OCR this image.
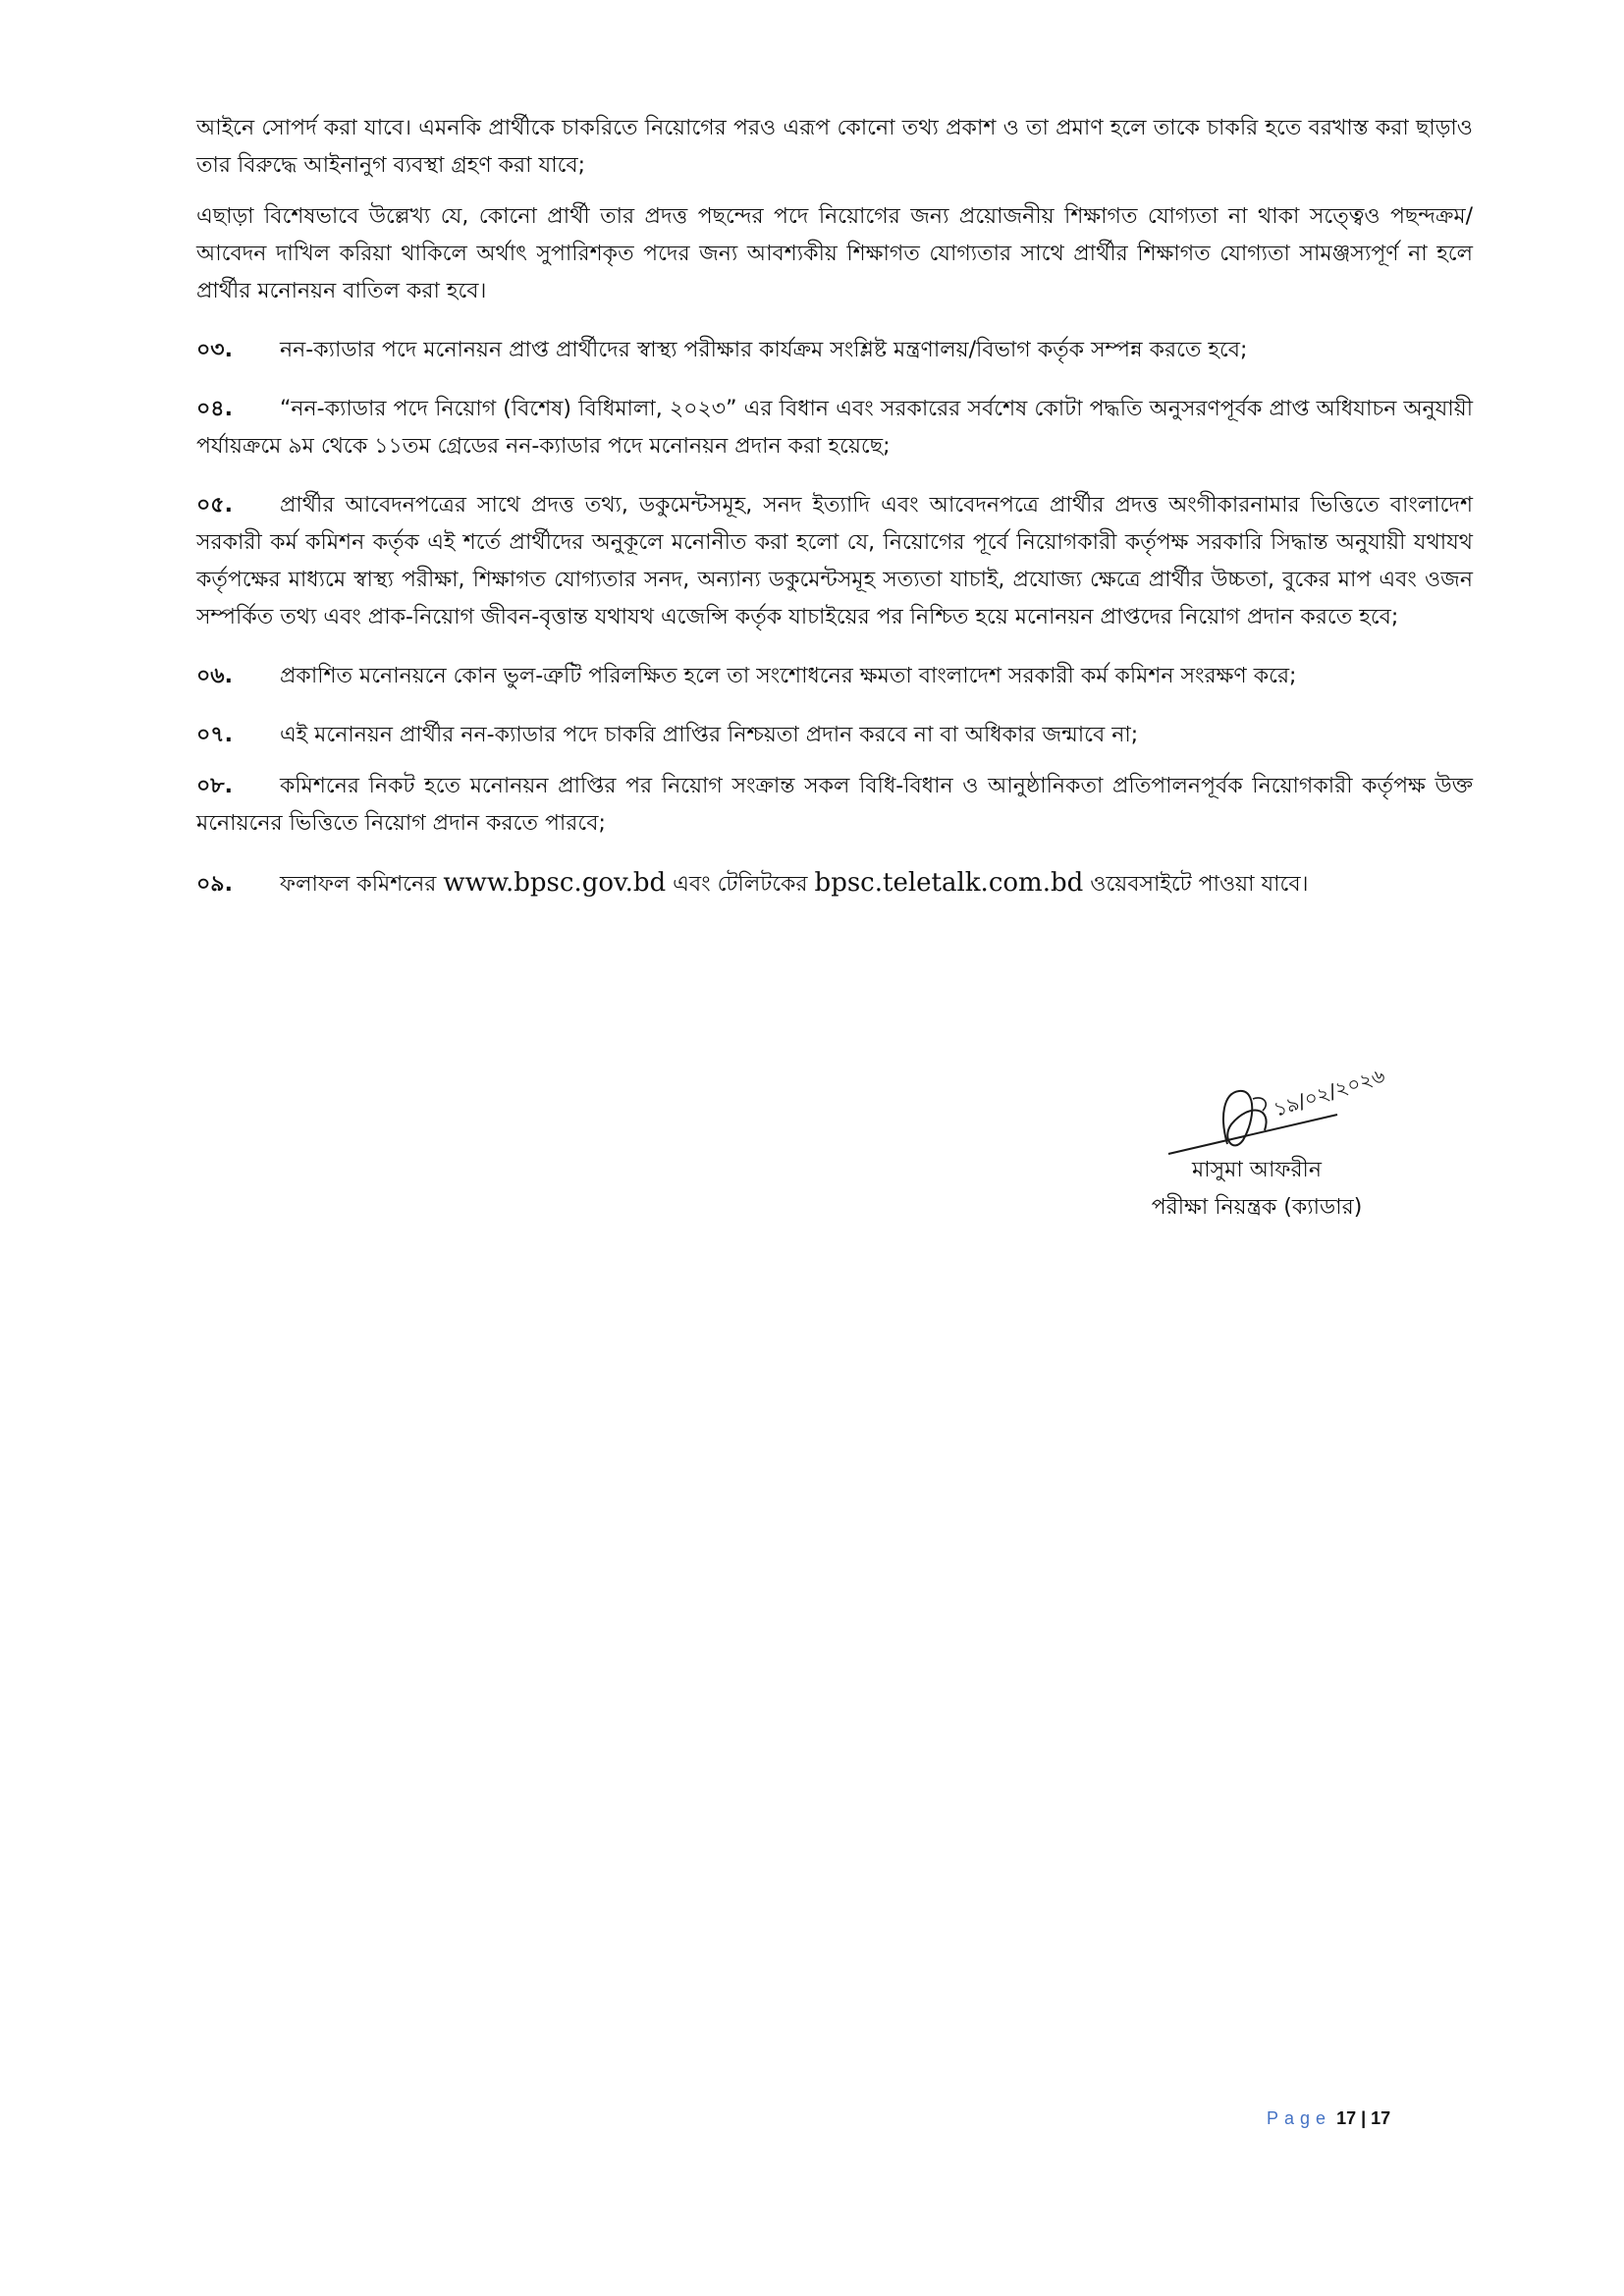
আইনে সোপর্দ করা যাবে। এমনকি প্রার্থীকে চাকরিতে নিয়োগের পরও এরূপ কোনো তথ্য প্রকাশ ও তা প্রমাণ হলে তাকে চাকরি হতে বরখাস্ত করা ছাড়াও তার বিরুদ্ধে আইনানুগ ব্যবস্থা গ্রহণ করা যাবে;

এছাড়া বিশেষভাবে উল্লেখ্য যে, কোনো প্রার্থী তার প্রদত্ত পছন্দের পদে নিয়োগের জন্য প্রয়োজনীয় শিক্ষাগত যোগ্যতা না থাকা সত্ত্বেও পছন্দক্রম/আবেদন দাখিল করিয়া থাকিলে অর্থাৎ সুপারিশকৃত পদের জন্য আবশ্যকীয় শিক্ষাগত যোগ্যতার সাথে প্রার্থীর শিক্ষাগত যোগ্যতা সামঞ্জস্যপূর্ণ না হলে প্রার্থীর মনোনয়ন বাতিল করা হবে।

০৩. নন-ক্যাডার পদে মনোনয়ন প্রাপ্ত প্রার্থীদের স্বাস্থ্য পরীক্ষার কার্যক্রম সংশ্লিষ্ট মন্ত্রণালয়/বিভাগ কর্তৃক সম্পন্ন করতে হবে;

০৪. “নন-ক্যাডার পদে নিয়োগ (বিশেষ) বিধিমালা, ২০২৩” এর বিধান এবং সরকারের সর্বশেষ কোটা পদ্ধতি অনুসরণপূর্বক প্রাপ্ত অধিযাচন অনুযায়ী পর্যায়ক্রমে ৯ম থেকে ১১তম গ্রেডের নন-ক্যাডার পদে মনোনয়ন প্রদান করা হয়েছে;

০৫. প্রার্থীর আবেদনপত্রের সাথে প্রদত্ত তথ্য, ডকুমেন্টসমূহ, সনদ ইত্যাদি এবং আবেদনপত্রে প্রার্থীর প্রদত্ত অংগীকারনামার ভিত্তিতে বাংলাদেশ সরকারী কর্ম কমিশন কর্তৃক এই শর্তে প্রার্থীদের অনুকূলে মনোনীত করা হলো যে, নিয়োগের পূর্বে নিয়োগকারী কর্তৃপক্ষ সরকারি সিদ্ধান্ত অনুযায়ী যথাযথ কর্তৃপক্ষের মাধ্যমে স্বাস্থ্য পরীক্ষা, শিক্ষাগত যোগ্যতার সনদ, অন্যান্য ডকুমেন্টসমূহ সত্যতা যাচাই, প্রযোজ্য ক্ষেত্রে প্রার্থীর উচ্চতা, বুকের মাপ এবং ওজন সম্পর্কিত তথ্য এবং প্রাক-নিয়োগ জীবন-বৃত্তান্ত যথাযথ এজেন্সি কর্তৃক যাচাইয়ের পর নিশ্চিত হয়ে মনোনয়ন প্রাপ্তদের নিয়োগ প্রদান করতে হবে;

০৬. প্রকাশিত মনোনয়নে কোন ভুল-ত্রুটি পরিলক্ষিত হলে তা সংশোধনের ক্ষমতা বাংলাদেশ সরকারী কর্ম কমিশন সংরক্ষণ করে;

০৭. এই মনোনয়ন প্রার্থীর নন-ক্যাডার পদে চাকরি প্রাপ্তির নিশ্চয়তা প্রদান করবে না বা অধিকার জন্মাবে না;

০৮. কমিশনের নিকট হতে মনোনয়ন প্রাপ্তির পর নিয়োগ সংক্রান্ত সকল বিধি-বিধান ও আনুষ্ঠানিকতা প্রতিপালনপূর্বক নিয়োগকারী কর্তৃপক্ষ উক্ত মনোয়নের ভিত্তিতে নিয়োগ প্রদান করতে পারবে;

০৯. ফলাফল কমিশনের www.bpsc.gov.bd এবং টেলিটকের bpsc.teletalk.com.bd ওয়েবসাইটে পাওয়া যাবে।

১৯/০২/২০২৬
মাসুমা আফরীন
পরীক্ষা নিয়ন্ত্রক (ক্যাডার)
Page 17 | 17
